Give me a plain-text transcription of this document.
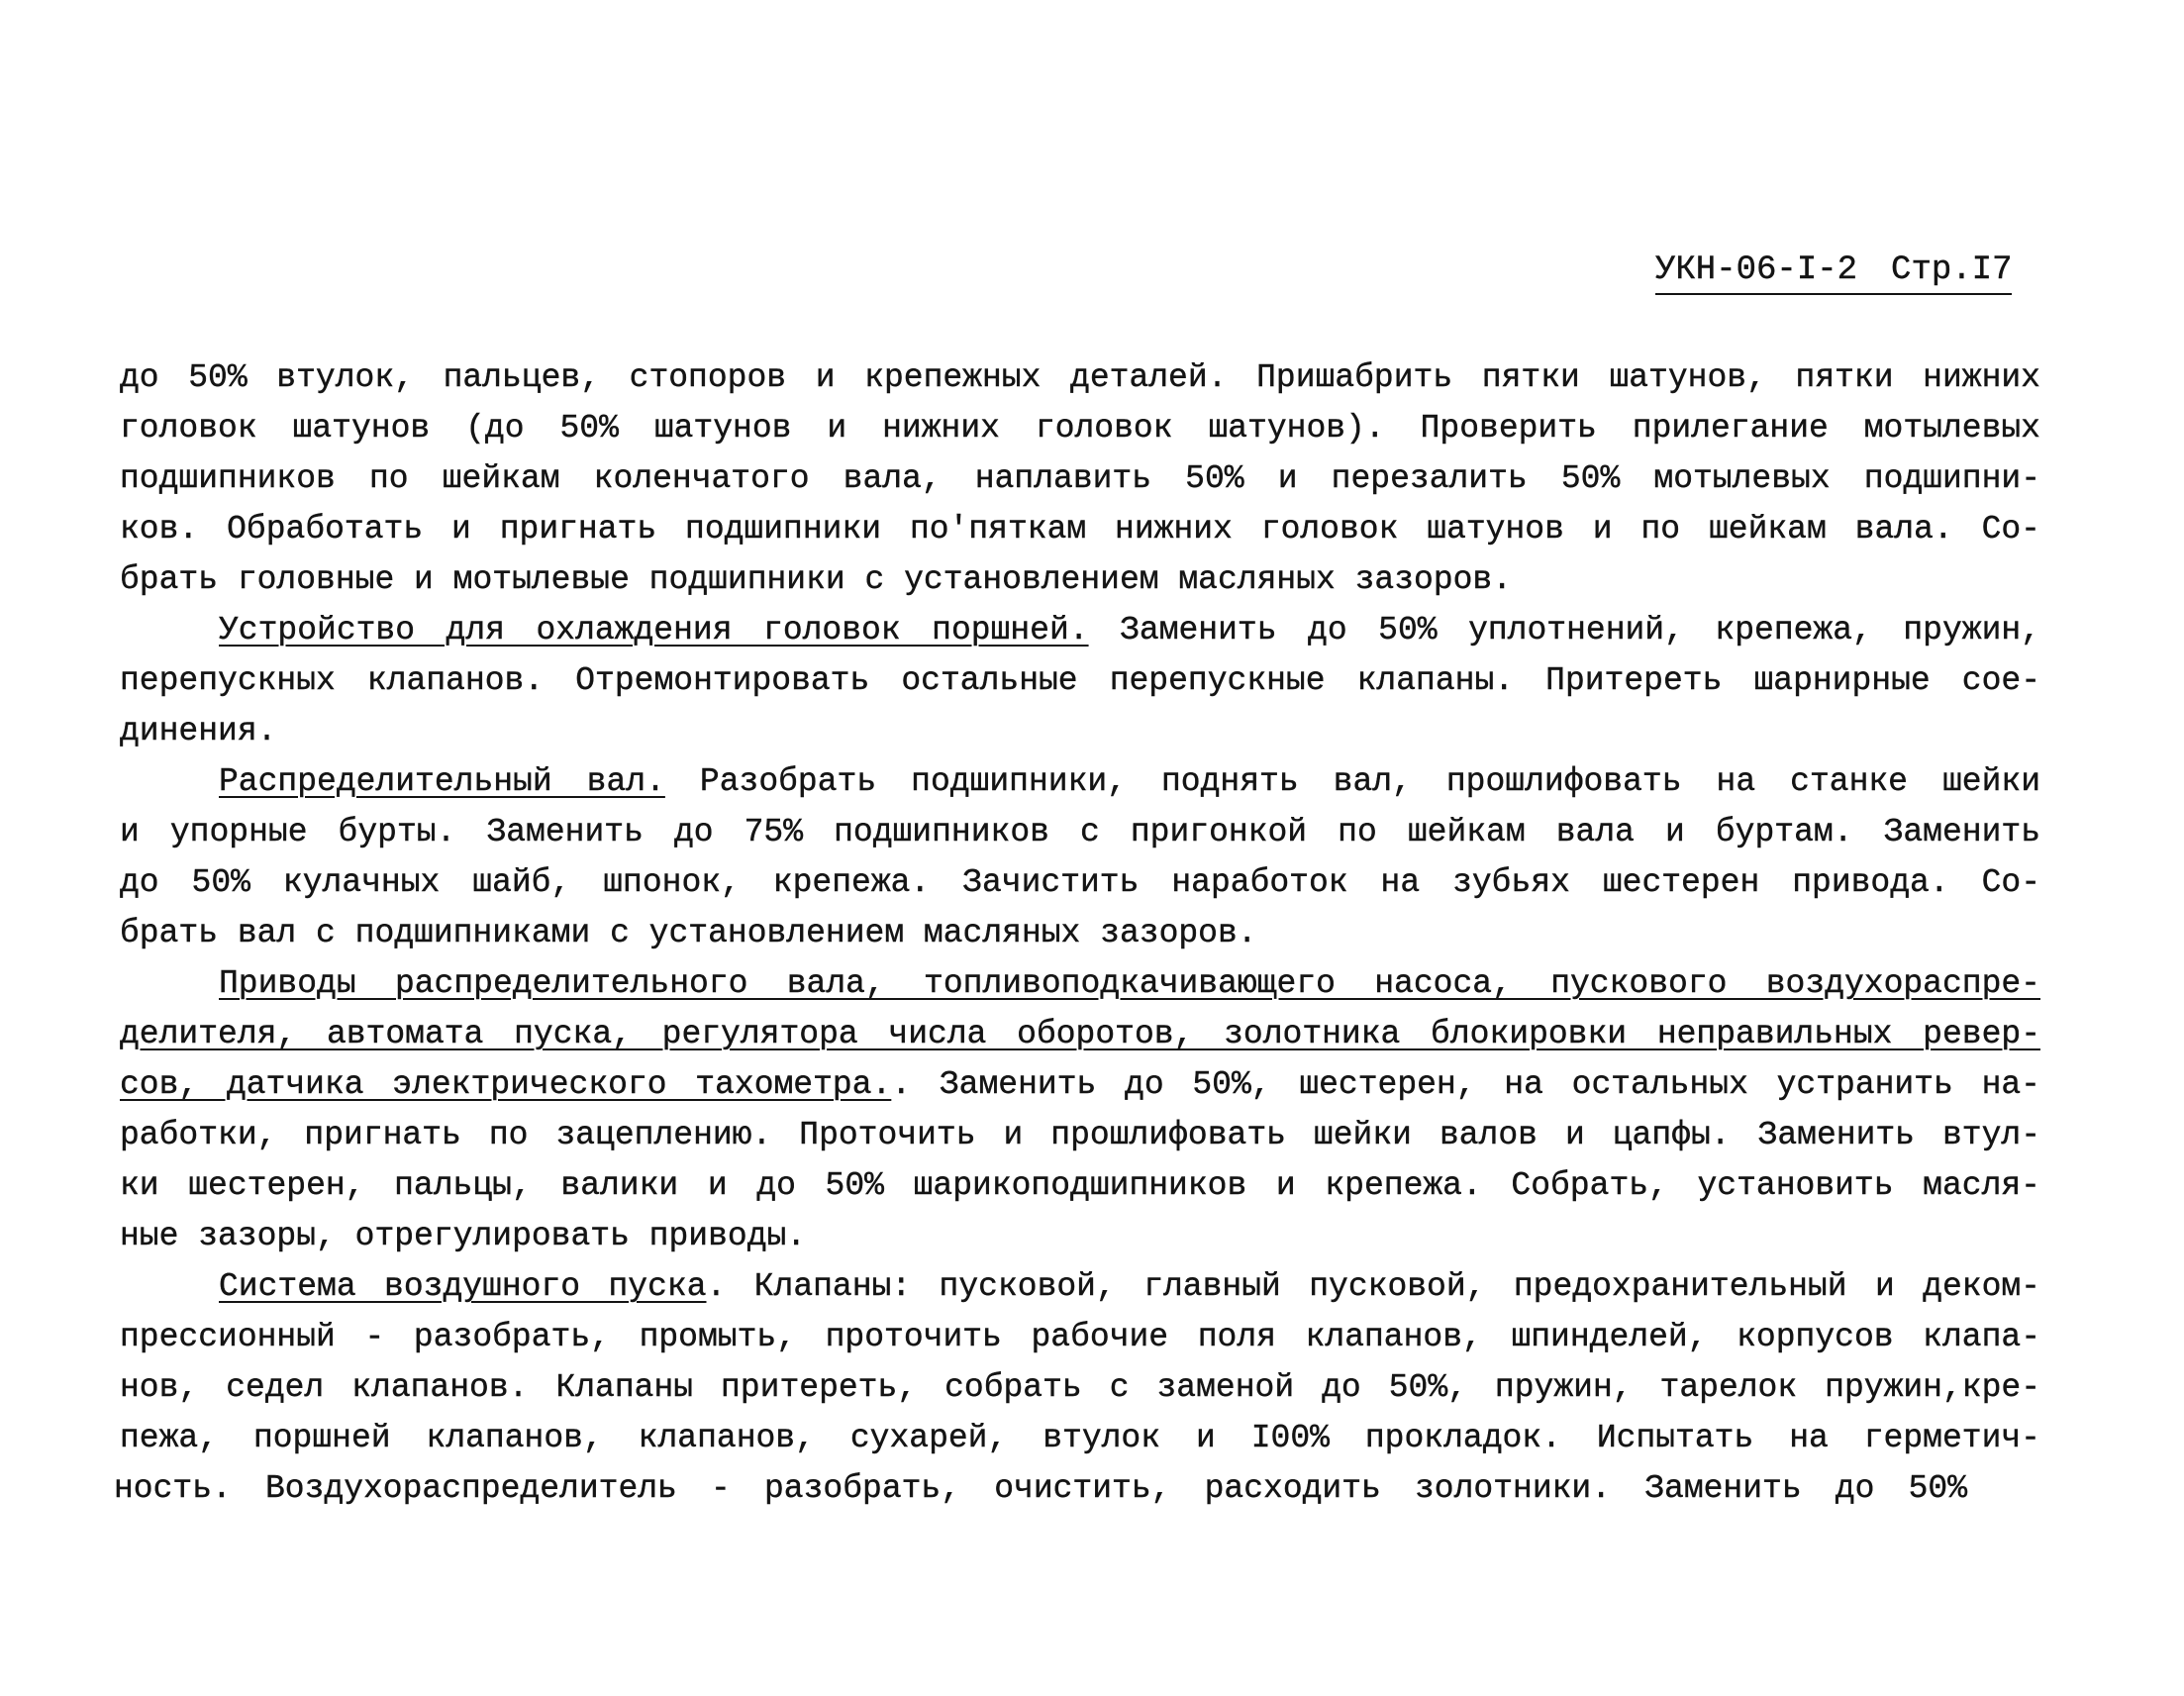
УКН-06-I-2 Стр.I7
до 50% втулок, пальцев, стопоров и крепежных деталей. Пришабрить пятки шатунов, пятки нижних
головок шатунов (до 50% шатунов и нижних головок шатунов). Проверить прилегание мотылевых
подшипников по шейкам коленчатого вала, наплавить 50% и перезалить 50% мотылевых подшипни-
ков. Обработать и пригнать подшипники по'пяткам нижних головок шатунов и по шейкам вала. Со-
брать головные и мотылевые подшипники с установлением масляных зазоров.
Устройство для охлаждения головок поршней. Заменить до 50% уплотнений, крепежа, пружин,
перепускных клапанов. Отремонтировать остальные перепускные клапаны. Притереть шарнирные сое-
динения.
Распределительный вал. Разобрать подшипники, поднять вал, прошлифовать на станке шейки
и упорные бурты. Заменить до 75% подшипников с пригонкой по шейкам вала и буртам. Заменить
до 50% кулачных шайб, шпонок, крепежа. Зачистить наработок на зубьях шестерен привода. Со-
брать вал с подшипниками с установлением масляных зазоров.
Приводы распределительного вала, топливоподкачивающего насоса, пускового воздухораспре-
делителя, автомата пуска, регулятора числа оборотов, золотника блокировки неправильных ревер-
сов, датчика электрического тахометра.. Заменить до 50%, шестерен, на остальных устранить на-
работки, пригнать по зацеплению. Проточить и прошлифовать шейки валов и цапфы. Заменить втул-
ки шестерен, пальцы, валики и до 50% шарикоподшипников и крепежа. Собрать, установить масля-
ные зазоры, отрегулировать приводы.
Система воздушного пуска. Клапаны: пусковой, главный пусковой, предохранительный и деком-
прессионный - разобрать, промыть, проточить рабочие поля клапанов, шпинделей, корпусов клапа-
нов, седел клапанов. Клапаны притереть, собрать с заменой до 50%, пружин, тарелок пружин,кре-
пежа, поршней клапанов, клапанов, сухарей, втулок и I00% прокладок. Испытать на герметич-
ность. Воздухораспределитель - разобрать, очистить, расходить золотники. Заменить до 50%
